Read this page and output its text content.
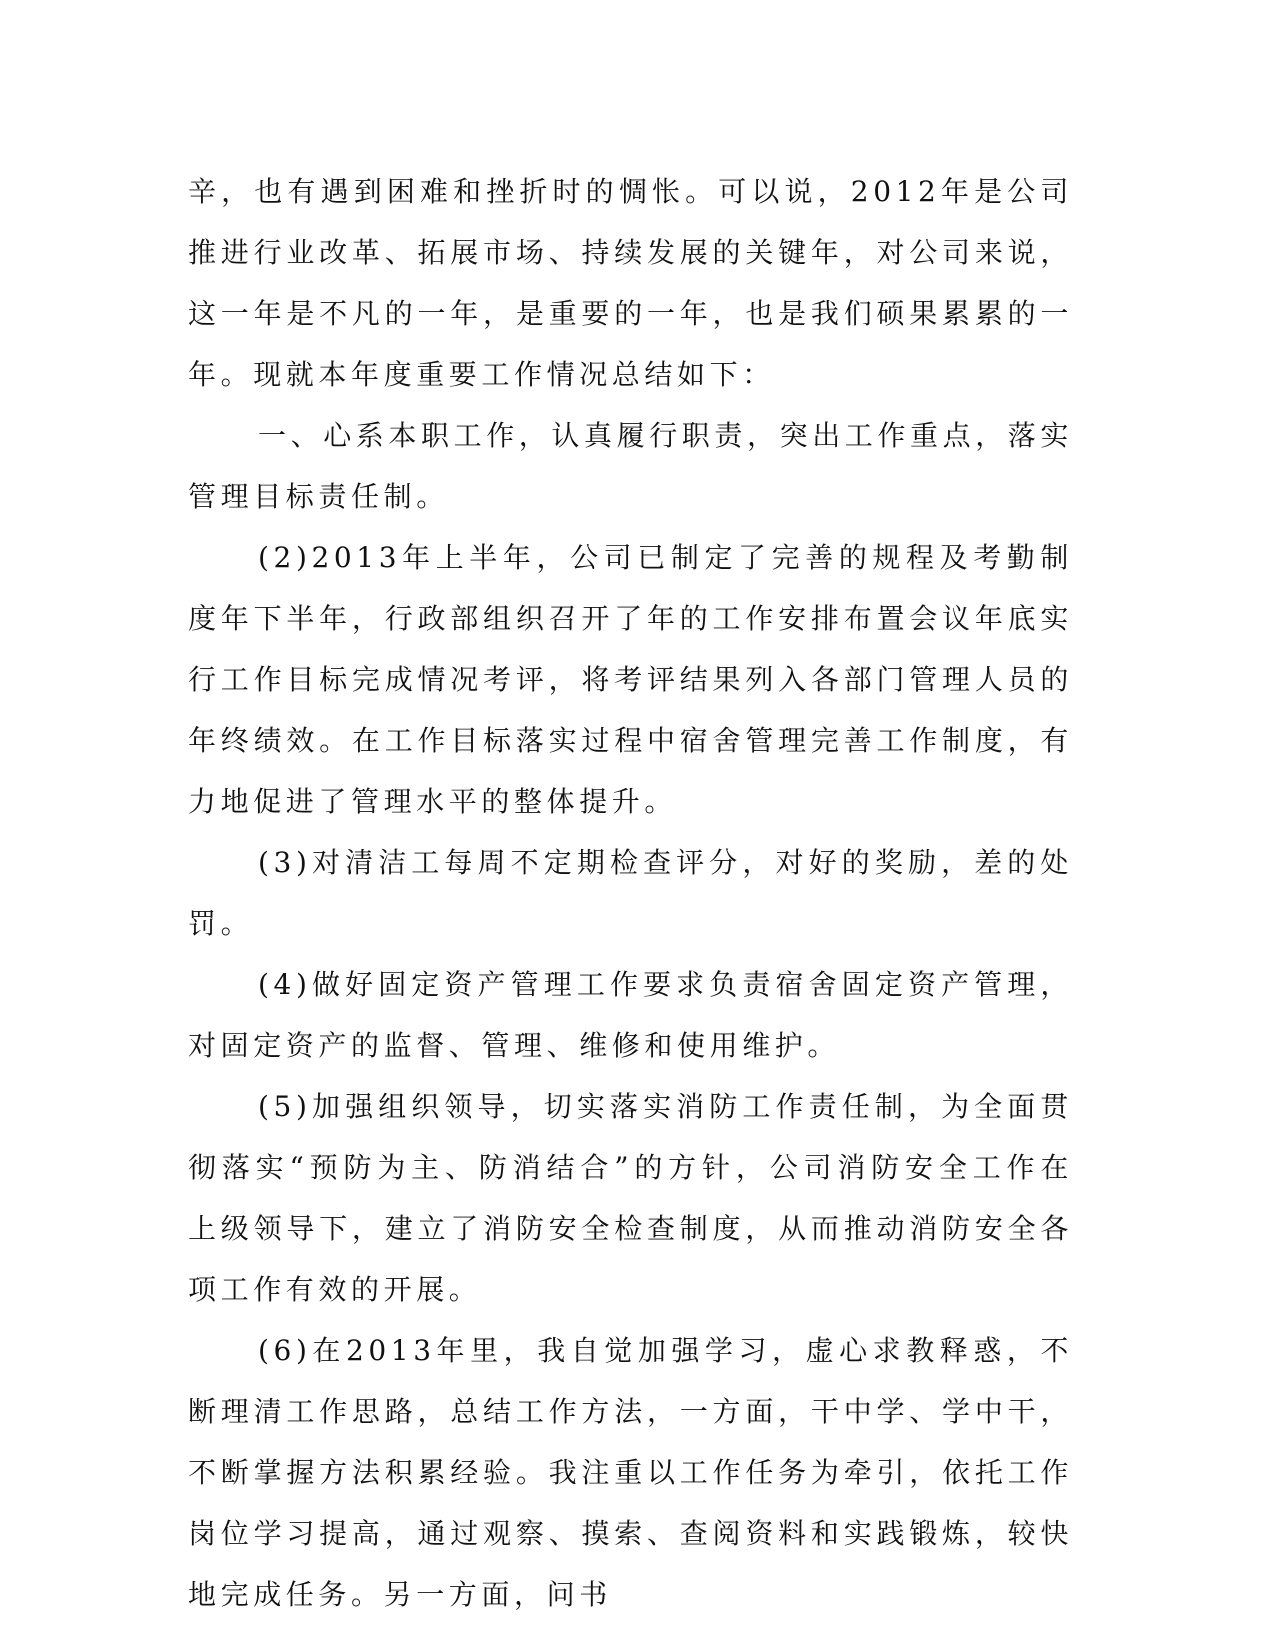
辛，也有遇到困难和挫折时的惆怅。可以说，2012年是公司推进行业改革、拓展市场、持续发展的关键年，对公司来说，这一年是不凡的一年，是重要的一年，也是我们硕果累累的一年。现就本年度重要工作情况总结如下：

一、心系本职工作，认真履行职责，突出工作重点，落实管理目标责任制。

(2)2013年上半年，公司已制定了完善的规程及考勤制度年下半年，行政部组织召开了年的工作安排布置会议年底实行工作目标完成情况考评，将考评结果列入各部门管理人员的年终绩效。在工作目标落实过程中宿舍管理完善工作制度，有力地促进了管理水平的整体提升。

(3)对清洁工每周不定期检查评分，对好的奖励，差的处罚。

(4)做好固定资产管理工作要求负责宿舍固定资产管理，对固定资产的监督、管理、维修和使用维护。

(5)加强组织领导，切实落实消防工作责任制，为全面贯彻落实“预防为主、防消结合”的方针，公司消防安全工作在上级领导下，建立了消防安全检查制度，从而推动消防安全各项工作有效的开展。

(6)在2013年里，我自觉加强学习，虚心求教释惑，不断理清工作思路，总结工作方法，一方面，干中学、学中干，不断掌握方法积累经验。我注重以工作任务为牵引，依托工作岗位学习提高，通过观察、摸索、查阅资料和实践锻炼，较快地完成任务。另一方面，问书
